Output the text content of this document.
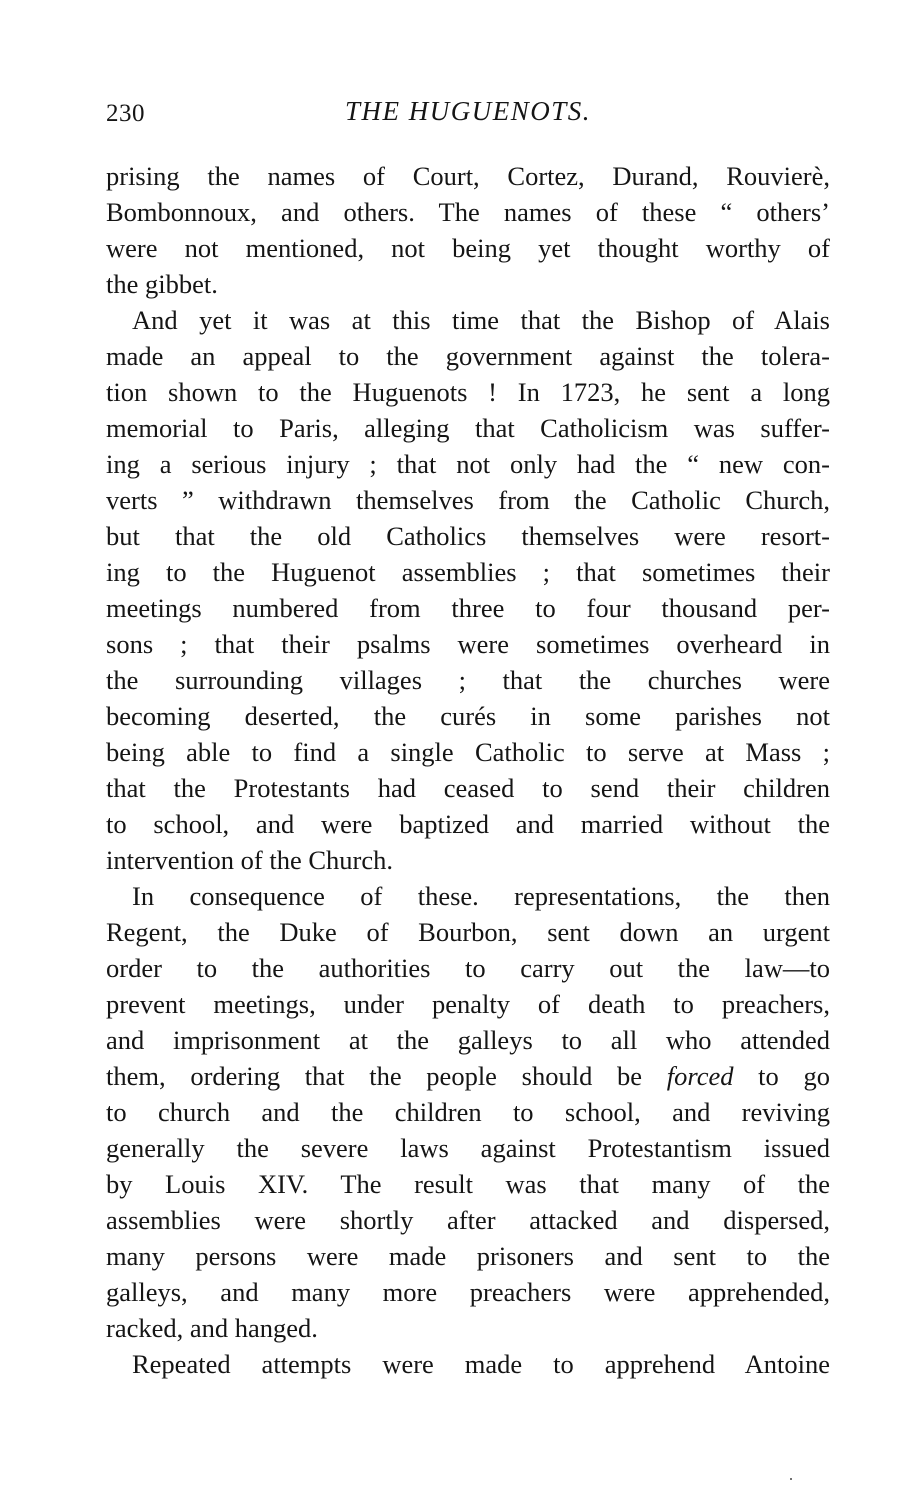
230	THE HUGUENOTS.
prising the names of Court, Cortez, Durand, Rouvierè,
Bombonnoux, and others. The names of these “ others’
were not mentioned, not being yet thought worthy of
the gibbet.
And yet it was at this time that the Bishop of Alais
made an appeal to the government against the tolera-
tion shown to the Huguenots ! In 1723, he sent a long
memorial to Paris, alleging that Catholicism was suffer-
ing a serious injury ; that not only had the “ new con-
verts ” withdrawn themselves from the Catholic Church,
but that the old Catholics themselves were resort-
ing to the Huguenot assemblies ; that sometimes their
meetings numbered from three to four thousand per-
sons ; that their psalms were sometimes overheard in
the surrounding villages ; that the churches were
becoming deserted, the curés in some parishes not
being able to find a single Catholic to serve at Mass ;
that the Protestants had ceased to send their children
to school, and were baptized and married without the
intervention of the Church.
In consequence of these. representations, the then
Regent, the Duke of Bourbon, sent down an urgent
order to the authorities to carry out the law—to
prevent meetings, under penalty of death to preachers,
and imprisonment at the galleys to all who attended
them, ordering that the people should be forced to go
to church and the children to school, and reviving
generally the severe laws against Protestantism issued
by Louis XIV. The result was that many of the
assemblies were shortly after attacked and dispersed,
many persons were made prisoners and sent to the
galleys, and many more preachers were apprehended,
racked, and hanged.
Repeated attempts were made to apprehend Antoine
